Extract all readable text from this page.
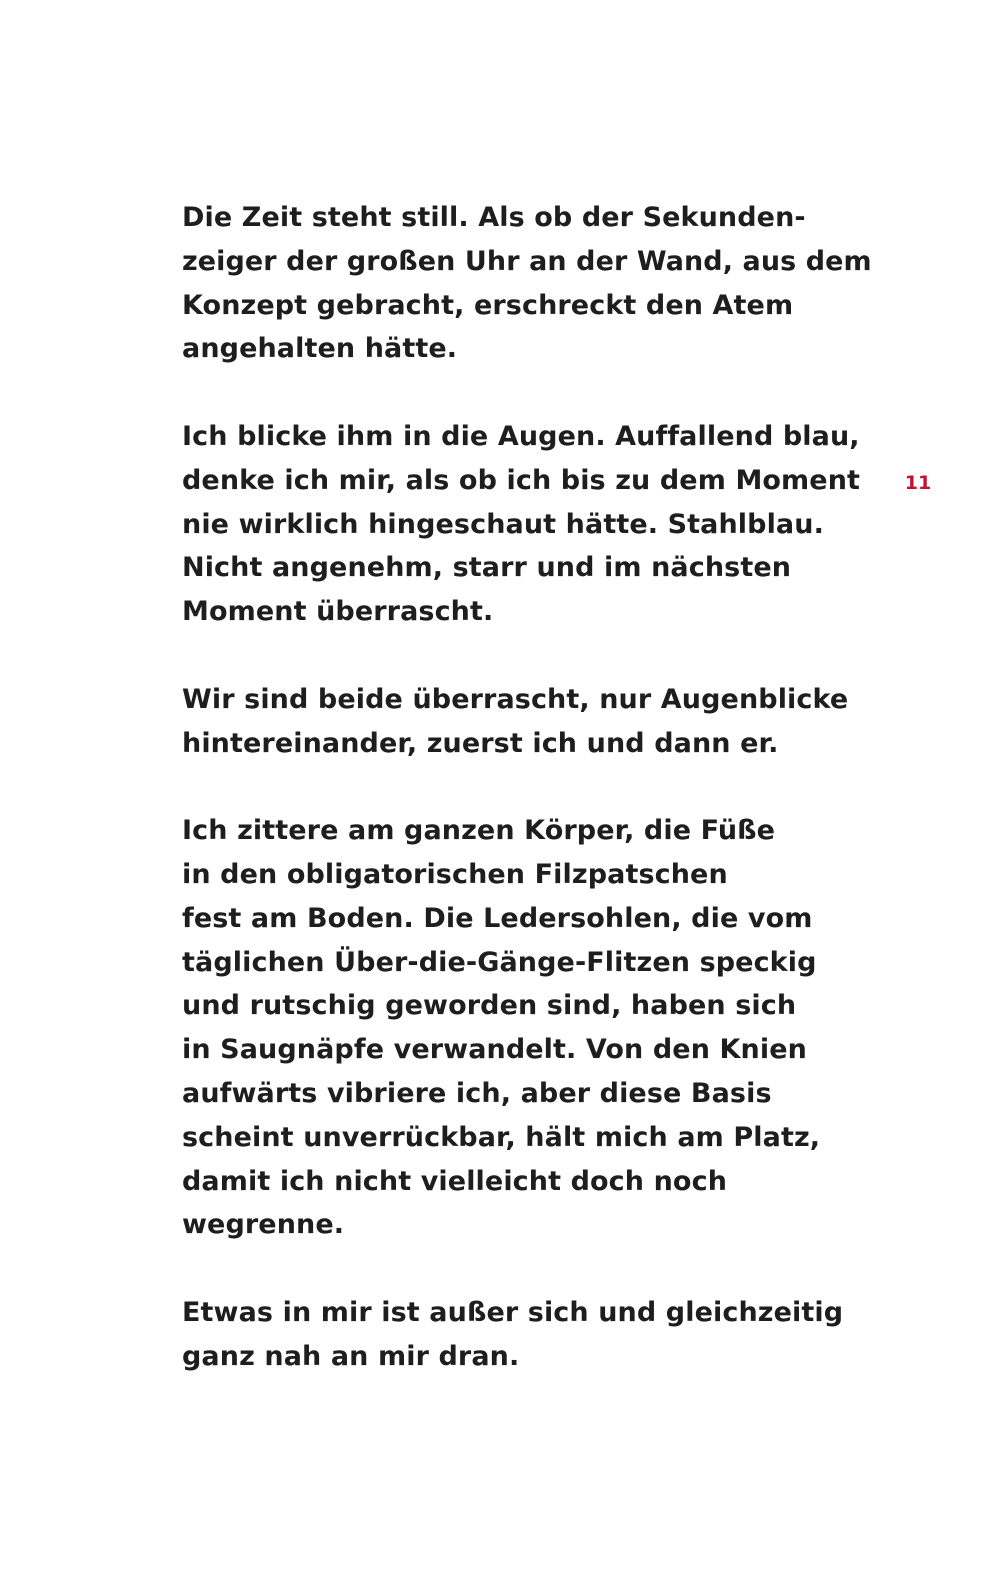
Die Zeit steht still. Als ob der Sekunden-
zeiger der großen Uhr an der Wand, aus dem
Konzept gebracht, erschreckt den Atem
angehalten hätte.

Ich blicke ihm in die Augen. Auffallend blau,
denke ich mir, als ob ich bis zu dem Moment
nie wirklich hingeschaut hätte. Stahlblau.
Nicht angenehm, starr und im nächsten
Moment überrascht.

Wir sind beide überrascht, nur Augenblicke
hintereinander, zuerst ich und dann er.

Ich zittere am ganzen Körper, die Füße
in den obligatorischen Filzpatschen
fest am Boden. Die Ledersohlen, die vom
täglichen Über-die-Gänge-Flitzen speckig
und rutschig geworden sind, haben sich
in Saugnäpfe verwandelt. Von den Knien
aufwärts vibriere ich, aber diese Basis
scheint unverrückbar, hält mich am Platz,
damit ich nicht vielleicht doch noch
wegrenne.

Etwas in mir ist außer sich und gleichzeitig
ganz nah an mir dran.

11
